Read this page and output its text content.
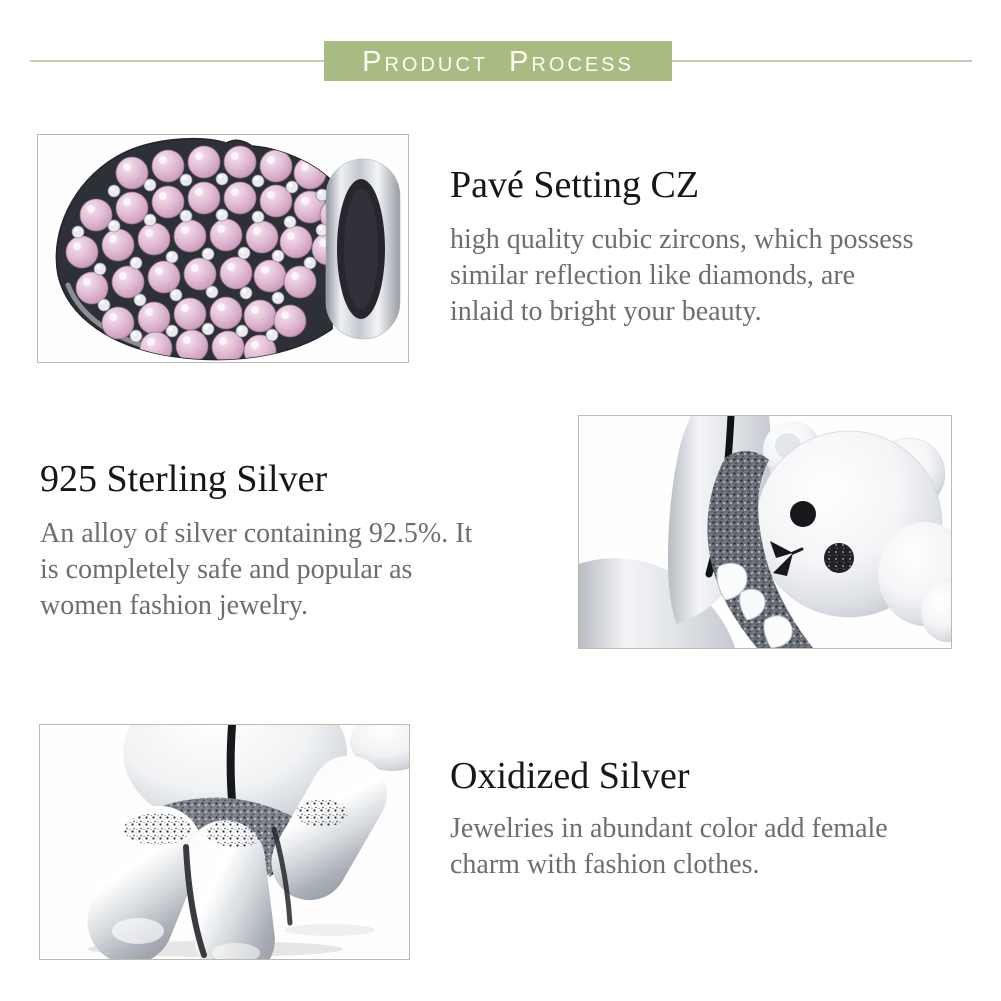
Product Process
Pavé Setting CZ
high quality cubic zircons, which possess
similar reflection like diamonds, are
inlaid to bright your beauty.
925 Sterling Silver
An alloy of silver containing 92.5%. It
is completely safe and popular as
women fashion jewelry.
Oxidized Silver
Jewelries in abundant color add female
charm with fashion clothes.
